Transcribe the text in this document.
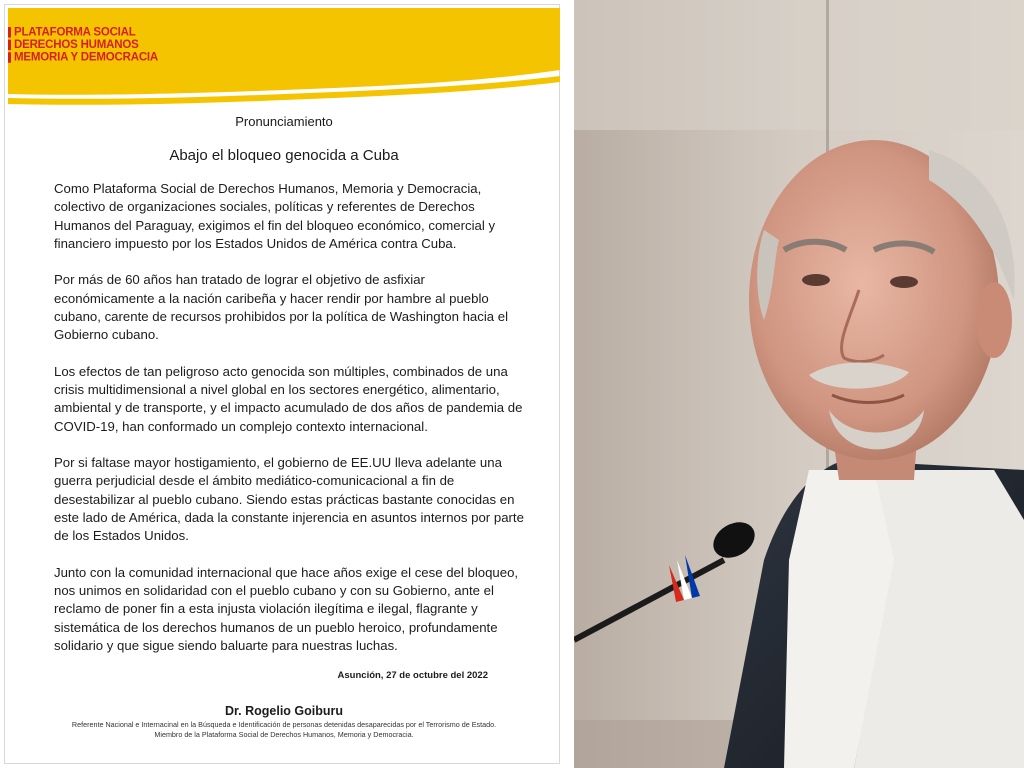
PLATAFORMA SOCIAL
DERECHOS HUMANOS
MEMORIA Y DEMOCRACIA
Pronunciamiento
Abajo el bloqueo genocida a Cuba

Como Plataforma Social de Derechos Humanos, Memoria y Democracia, colectivo de organizaciones sociales, políticas y referentes de Derechos Humanos del Paraguay, exigimos el fin del bloqueo económico, comercial y financiero impuesto por los Estados Unidos de América contra Cuba.

Por más de 60 años han tratado de lograr el objetivo de asfixiar económicamente a la nación caribeña y hacer rendir por hambre al pueblo cubano, carente de recursos prohibidos por la política de Washington hacia el Gobierno cubano.

Los efectos de tan peligroso acto genocida son múltiples, combinados de una crisis multidimensional a nivel global en los sectores energético, alimentario, ambiental y de transporte, y el impacto acumulado de dos años de pandemia de COVID-19, han conformado un complejo contexto internacional.

Por si faltase mayor hostigamiento, el gobierno de EE.UU lleva adelante una guerra perjudicial desde el ámbito mediático-comunicacional a fin de desestabilizar al pueblo cubano. Siendo estas prácticas bastante conocidas en este lado de América, dada la constante injerencia en asuntos internos por parte de los Estados Unidos.

Junto con la comunidad internacional que hace años exige el cese del bloqueo, nos unimos en solidaridad con el pueblo cubano y con su Gobierno, ante el reclamo de poner fin a esta injusta violación ilegítima e ilegal, flagrante y sistemática de los derechos humanos de un pueblo heroico, profundamente solidario y que sigue siendo baluarte para nuestras luchas.

Asunción, 27 de octubre del 2022
Dr. Rogelio Goiburu
Referente Nacional e Internacinal en la Búsqueda e Identificación de personas detenidas desaparecidas por el Terrorismo de Estado.
Miembro de la Plataforma Social de Derechos Humanos, Memoria y Democracia.
